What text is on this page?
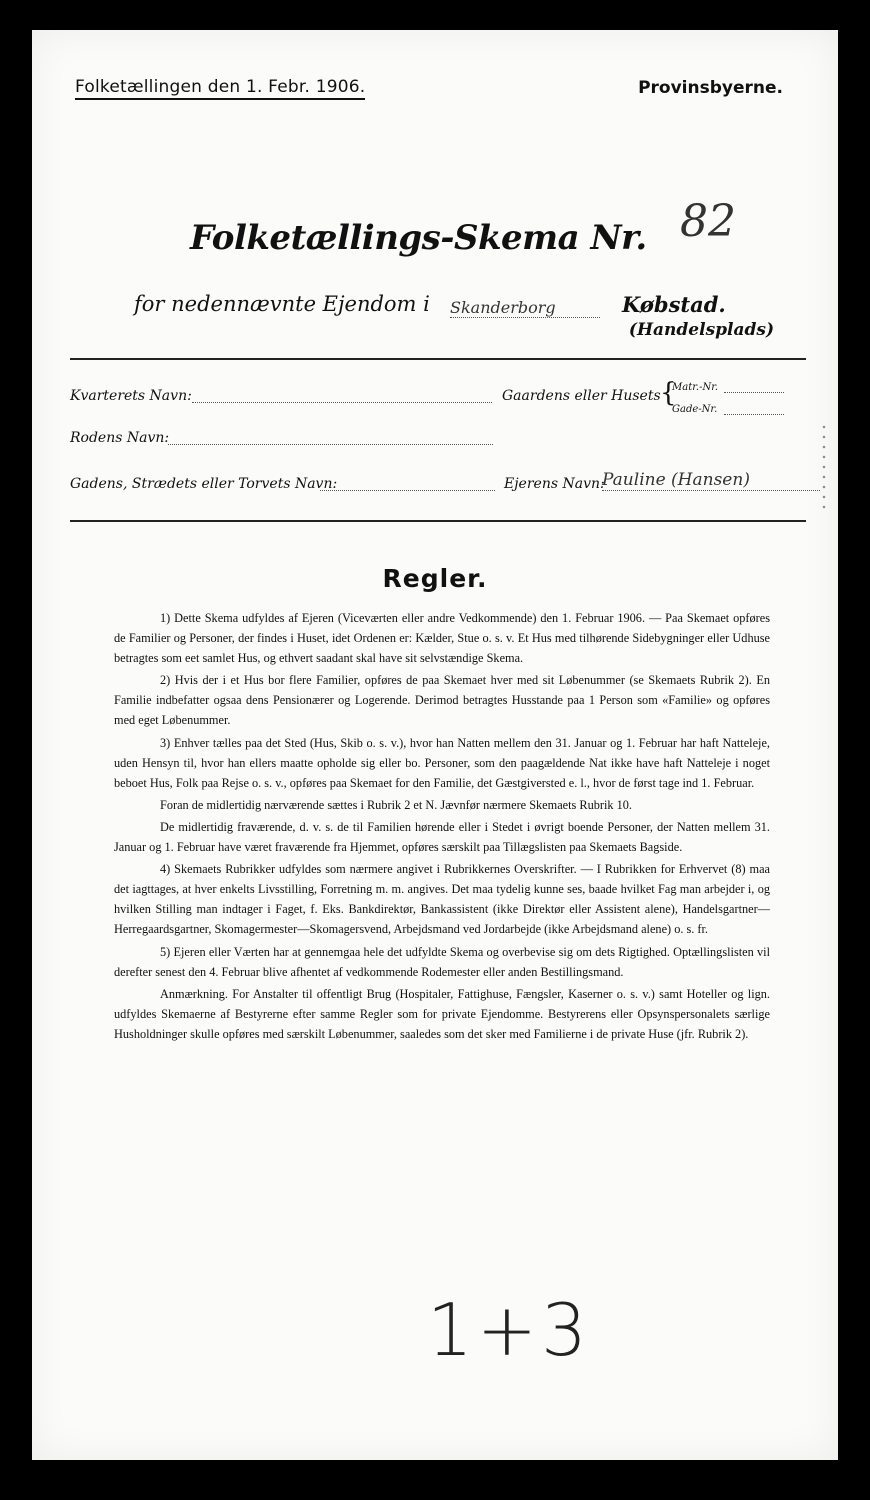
Folketællingen den 1. Febr. 1906.	Provinsbyerne.
Folketællings-Skema Nr. 82
for nedennævnte Ejendom i Skanderborg	Købstad.
(Handelsplads)
Kvarterets Navn:	Gaardens eller Husets {
Matr.-Nr.
Gade-Nr.
Rodens Navn:
Gadens, Strædets eller Torvets Navn:	Ejerens Navn:
Pauline (Hansen)
Regler.

1) Dette Skema udfyldes af Ejeren (Viceværten eller andre Vedkommende) den 1. Februar 1906. — Paa Skemaet opføres de Familier og Personer, der findes i Huset, idet Ordenen er: Kælder, Stue o. s. v. Et Hus med tilhørende Sidebygninger eller Udhuse betragtes som eet samlet Hus, og ethvert saadant skal have sit selvstændige Skema.

2) Hvis der i et Hus bor flere Familier, opføres de paa Skemaet hver med sit Løbenummer (se Skemaets Rubrik 2). En Familie indbefatter ogsaa dens Pensionærer og Logerende. Derimod betragtes Husstande paa 1 Person som «Familie» og opføres med eget Løbenummer.

3) Enhver tælles paa det Sted (Hus, Skib o. s. v.), hvor han Natten mellem den 31. Januar og 1. Februar har haft Natteleje, uden Hensyn til, hvor han ellers maatte opholde sig eller bo. Personer, som den paagældende Nat ikke have haft Natteleje i noget beboet Hus, Folk paa Rejse o. s. v., opføres paa Skemaet for den Familie, det Gæstgiversted e. l., hvor de først tage ind 1. Februar.

Foran de midlertidig nærværende sættes i Rubrik 2 et N. Jævnfør nærmere Skemaets Rubrik 10.

De midlertidig fraværende, d. v. s. de til Familien hørende eller i Stedet i øvrigt boende Personer, der Natten mellem 31. Januar og 1. Februar have været fraværende fra Hjemmet, opføres særskilt paa Tillægslisten paa Skemaets Bagside.

4) Skemaets Rubrikker udfyldes som nærmere angivet i Rubrikkernes Overskrifter. — I Rubrikken for Erhvervet (8) maa det iagttages, at hver enkelts Livsstilling, Forretning m. m. angives. Det maa tydelig kunne ses, baade hvilket Fag man arbejder i, og hvilken Stilling man indtager i Faget, f. Eks. Bankdirektør, Bankassistent (ikke Direktør eller Assistent alene), Handelsgartner—Herregaardsgartner, Skomagermester—Skomagersvend, Arbejdsmand ved Jordarbejde (ikke Arbejdsmand alene) o. s. fr.

5) Ejeren eller Værten har at gennemgaa hele det udfyldte Skema og overbevise sig om dets Rigtighed. Optællingslisten vil derefter senest den 4. Februar blive afhentet af vedkommende Rodemester eller anden Bestillingsmand.

Anmærkning. For Anstalter til offentligt Brug (Hospitaler, Fattighuse, Fængsler, Kaserner o. s. v.) samt Hoteller og lign. udfyldes Skemaerne af Bestyrerne efter samme Regler som for private Ejendomme. Bestyrerens eller Opsynspersonalets særlige Husholdninger skulle opføres med særskilt Løbenummer, saaledes som det sker med Familierne i de private Huse (jfr. Rubrik 2).

1+3
